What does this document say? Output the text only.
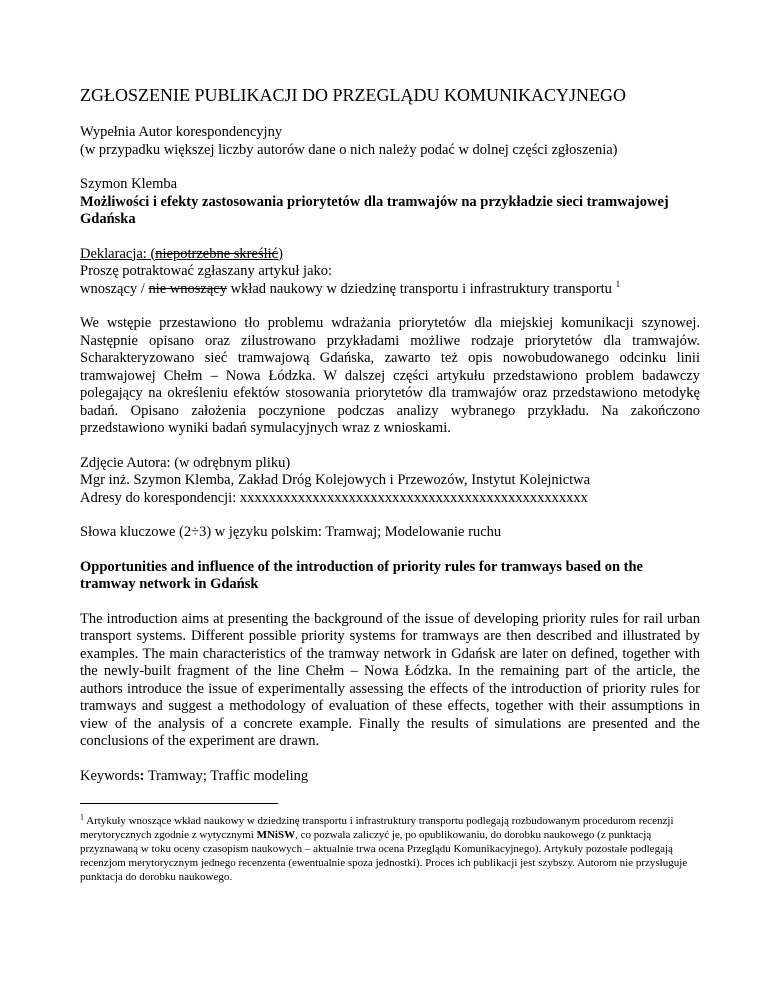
ZGŁOSZENIE PUBLIKACJI DO PRZEGLĄDU KOMUNIKACYJNEGO

Wypełnia Autor korespondencyjny

(w przypadku większej liczby autorów dane o nich należy podać w dolnej części zgłoszenia)

Szymon Klemba

Możliwości i efekty zastosowania priorytetów dla tramwajów na przykładzie sieci tramwajowej Gdańska

Deklaracja: (niepotrzebne skreślić)

Proszę potraktować zgłaszany artykuł jako:

wnoszący / nie wnoszący wkład naukowy w dziedzinę transportu i infrastruktury transportu $^1$

We wstępie przestawiono tło problemu wdrażania priorytetów dla miejskiej komunikacji szynowej. Następnie opisano oraz zilustrowano przykładami możliwe rodzaje priorytetów dla tramwajów. Scharakteryzowano sieć tramwajową Gdańska, zawarto też opis nowobudowanego odcinku linii tramwajowej Chełm – Nowa Łódzka. W dalszej części artykułu przedstawiono problem badawczy polegający na określeniu efektów stosowania priorytetów dla tramwajów oraz przedstawiono metodykę badań. Opisano założenia poczynione podczas analizy wybranego przykładu. Na zakończono przedstawiono wyniki badań symulacyjnych wraz z wnioskami.

Zdjęcie Autora: (w odrębnym pliku)

Mgr inż. Szymon Klemba, Zakład Dróg Kolejowych i Przewozów, Instytut Kolejnictwa

Adresy do korespondencji: xxxxxxxxxxxxxxxxxxxxxxxxxxxxxxxxxxxxxxxxxxxxxxxx

Słowa kluczowe (2÷3) w języku polskim: Tramwaj; Modelowanie ruchu

Opportunities and influence of the introduction of priority rules for tramways based on the tramway network in Gdańsk

The introduction aims at presenting the background of the issue of developing priority rules for rail urban transport systems. Different possible priority systems for tramways are then described and illustrated by examples. The main characteristics of the tramway network in Gdańsk are later on defined, together with the newly-built fragment of the line Chełm – Nowa Łódzka. In the remaining part of the article, the authors introduce the issue of experimentally assessing the effects of the introduction of priority rules for tramways and suggest a methodology of evaluation of these effects, together with their assumptions in view of the analysis of a concrete example. Finally the results of simulations are presented and the conclusions of the experiment are drawn.

Keywords: Tramway; Traffic modeling

$^1$ Artykuły wnoszące wkład naukowy w dziedzinę transportu i infrastruktury transportu podlegają rozbudowanym procedurom recenzji merytorycznych zgodnie z wytycznymi MNiSW, co pozwala zaliczyć je, po opublikowaniu, do dorobku naukowego (z punktacją przyznawaną w toku oceny czasopism naukowych – aktualnie trwa ocena Przeglądu Komunikacyjnego). Artykuły pozostałe podlegają recenzjom merytorycznym jednego recenzenta (ewentualnie spoza jednostki). Proces ich publikacji jest szybszy. Autorom nie przysługuje punktacja do dorobku naukowego.
